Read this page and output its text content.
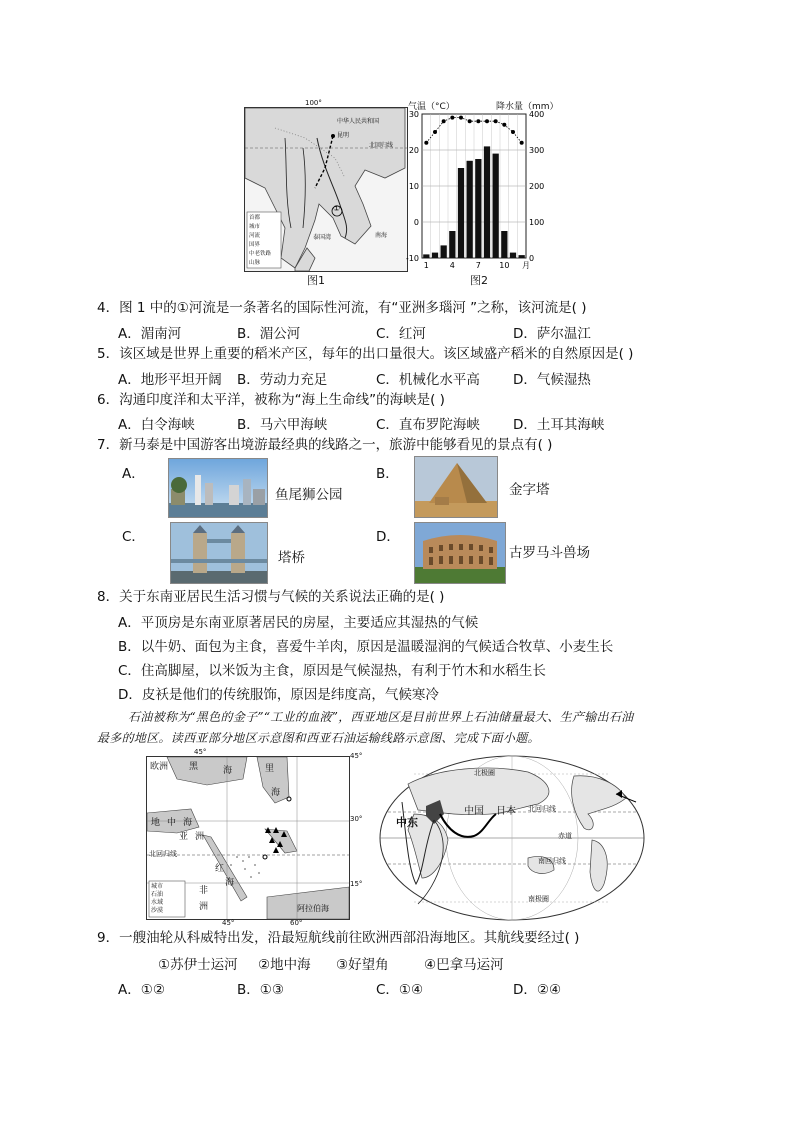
100°
中华人民共和国
昆明
北回归线
①
南海
泰国湾
首都
城市
河流
国界
中老铁路
山脉
图1
气温（°C）	降水量（mm）
30
20
10
0
-10
400
300
200
100
0
1	4	7 10 月
图2
4．图 1 中的①河流是一条著名的国际性河流，有“亚洲多瑙河 ”之称，该河流是( )
A．湄南河	B．湄公河	C．红河	D．萨尔温江
5．该区域是世界上重要的稻米产区，每年的出口量很大。该区域盛产稻米的自然原因是( )
A．地形平坦开阔 B．劳动力充足	C．机械化水平高 D．气候湿热
6．沟通印度洋和太平洋，被称为“海上生命线”的海峡是( )
A．白令海峡	B．马六甲海峡	C．直布罗陀海峡 D．土耳其海峡
7．新马泰是中国游客出境游最经典的线路之一，旅游中能够看见的景点有( )
A．
鱼尾狮公园
B．
金字塔
C．
塔桥
D．
古罗马斗兽场
8．关于东南亚居民生活习惯与气候的关系说法正确的是( )
A．平顶房是东南亚原著居民的房屋，主要适应其湿热的气候
B．以牛奶、面包为主食，喜爱牛羊肉，原因是温暖湿润的气候适合牧草、小麦生长
C．住高脚屋，以米饭为主食，原因是气候湿热，有利于竹木和水稻生长
D．皮袄是他们的传统服饰，原因是纬度高，气候寒冷
石油被称为“黑色的金子”“工业的血液”，西亚地区是目前世界上石油储量最大、生产输出石油
最多的地区。读西亚部分地区示意图和西亚石油运输线路示意图、完成下面小题。
欧洲 黑	海	里
海
地 中 海
亚 洲
非
洲
红
海
阿拉伯海
北回归线
城市
石油
水域
沙漠
45°	45°
30°
15°
45°	60°
中东
中国 日本
北极圈
北回归线
赤道
南回归线
南极圈
9．一艘油轮从科威特出发，沿最短航线前往欧洲西部沿海地区。其航线要经过( )
①苏伊士运河 ②地中海 ③好望角	④巴拿马运河
A．①②	B．①③	C．①④	D．②④
